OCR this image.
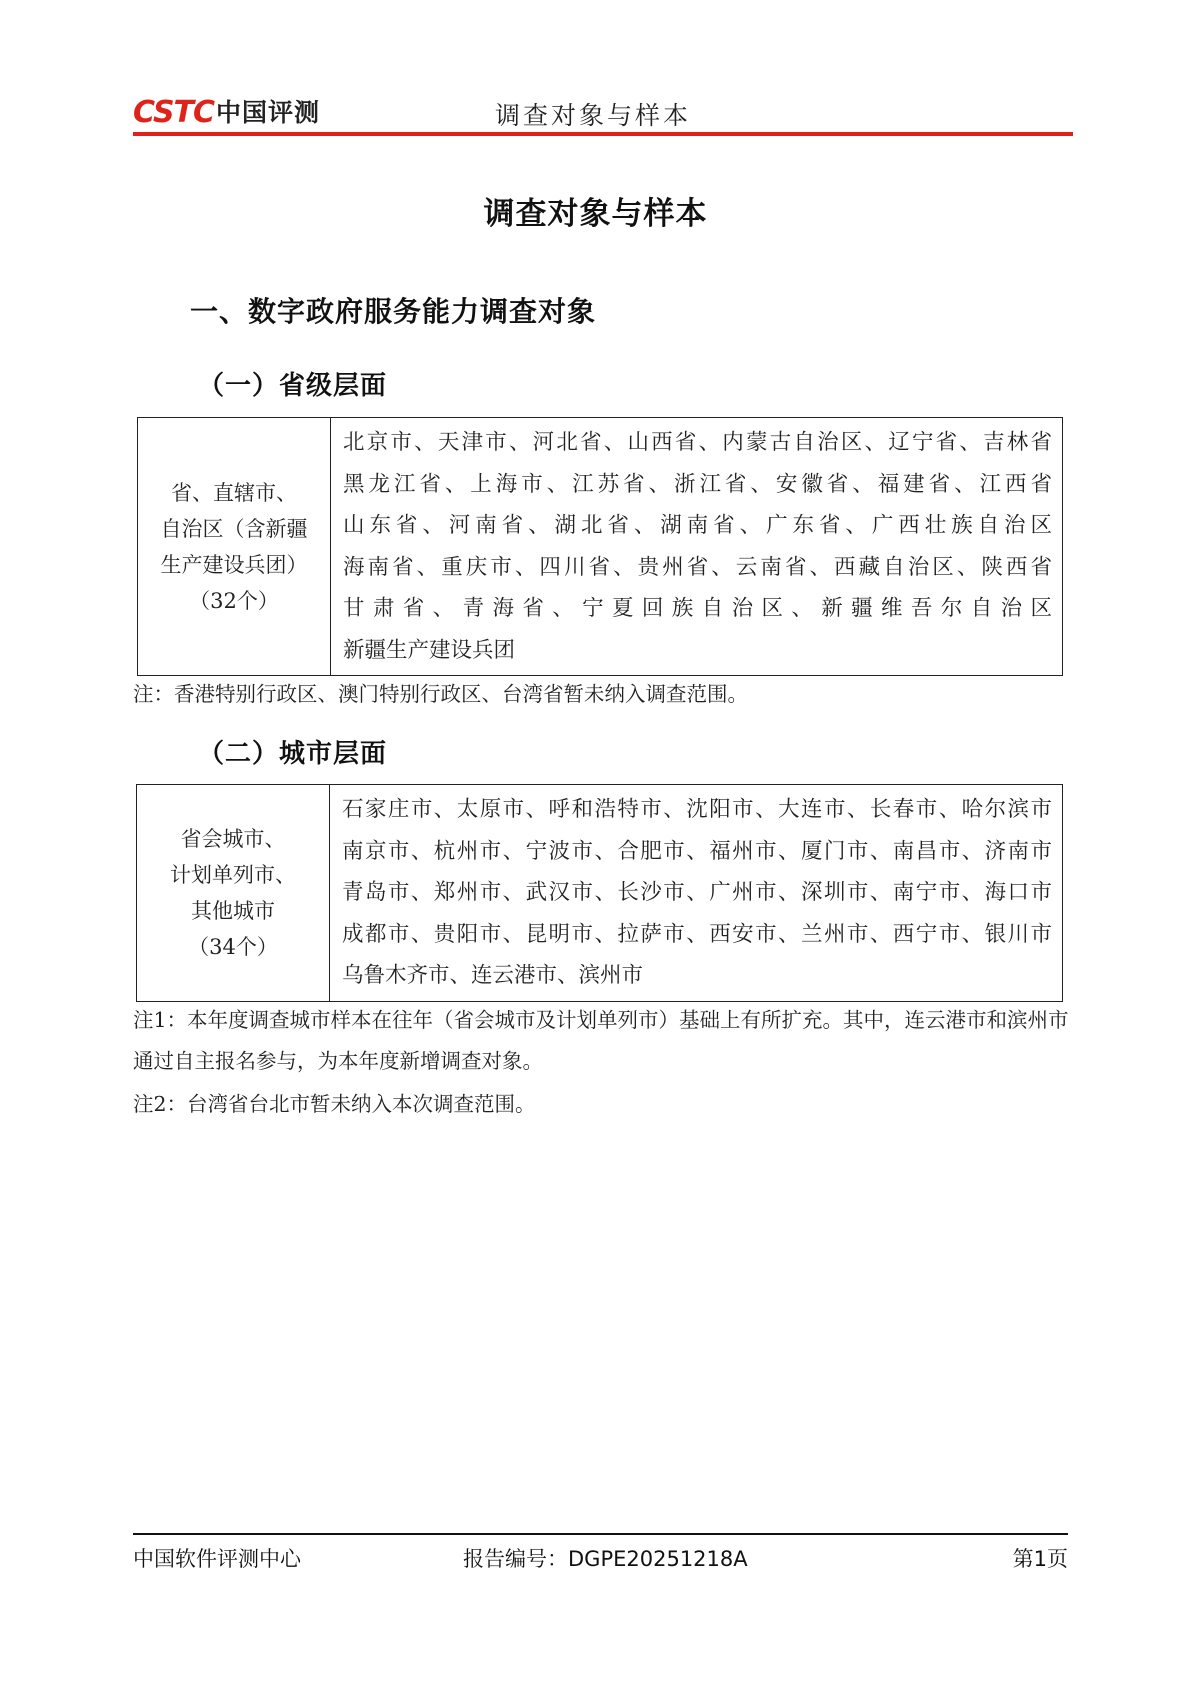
CSTC 中国评测	调查对象与样本
调查对象与样本
一、数字政府服务能力调查对象
（一）省级层面
省、直辖市、
自治区（含新疆
生产建设兵团）
（32个）

北京市、天津市、河北省、山西省、内蒙古自治区、辽宁省、吉林省
黑龙江省、上海市、江苏省、浙江省、安徽省、福建省、江西省
山东省、河南省、湖北省、湖南省、广东省、广西壮族自治区
海南省、重庆市、四川省、贵州省、云南省、西藏自治区、陕西省
甘肃省、青海省、宁夏回族自治区、新疆维吾尔自治区
新疆生产建设兵团
注：香港特别行政区、澳门特别行政区、台湾省暂未纳入调查范围。
（二）城市层面
省会城市、
计划单列市、
其他城市
（34个）

石家庄市、太原市、呼和浩特市、沈阳市、大连市、长春市、哈尔滨市
南京市、杭州市、宁波市、合肥市、福州市、厦门市、南昌市、济南市
青岛市、郑州市、武汉市、长沙市、广州市、深圳市、南宁市、海口市
成都市、贵阳市、昆明市、拉萨市、西安市、兰州市、西宁市、银川市
乌鲁木齐市、连云港市、滨州市
注1：本年度调查城市样本在往年（省会城市及计划单列市）基础上有所扩充。其中，连云港市和滨州市通过自主报名参与，为本年度新增调查对象。
注2：台湾省台北市暂未纳入本次调查范围。
中国软件评测中心	报告编号：DGPE20251218A	第1页
